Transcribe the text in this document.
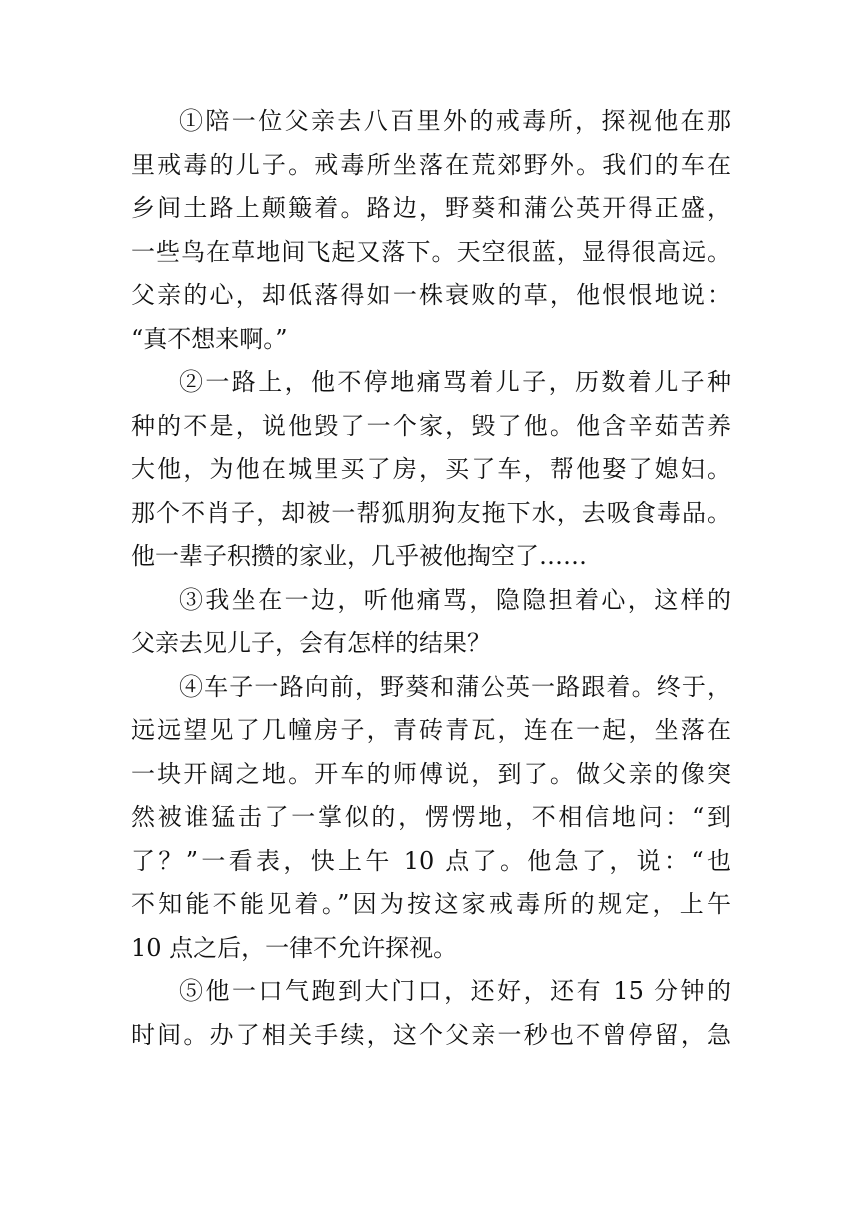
①陪一位父亲去八百里外的戒毒所，探视他在那
里戒毒的儿子。戒毒所坐落在荒郊野外。我们的车在
乡间土路上颠簸着。路边，野葵和蒲公英开得正盛，
一些鸟在草地间飞起又落下。天空很蓝，显得很高远。
父亲的心，却低落得如一株衰败的草，他恨恨地说：
“真不想来啊。”
②一路上，他不停地痛骂着儿子，历数着儿子种
种的不是，说他毁了一个家，毁了他。他含辛茹苦养
大他，为他在城里买了房，买了车，帮他娶了媳妇。
那个不肖子，却被一帮狐朋狗友拖下水，去吸食毒品。
他一辈子积攒的家业，几乎被他掏空了……
③我坐在一边，听他痛骂，隐隐担着心，这样的
父亲去见儿子，会有怎样的结果？
④车子一路向前，野葵和蒲公英一路跟着。终于，
远远望见了几幢房子，青砖青瓦，连在一起，坐落在
一块开阔之地。开车的师傅说，到了。做父亲的像突
然被谁猛击了一掌似的，愣愣地，不相信地问：“到
了？”一看表，快上午 10 点了。他急了，说：“也
不知能不能见着。”因为按这家戒毒所的规定，上午
10 点之后，一律不允许探视。
⑤他一口气跑到大门口，还好，还有 15 分钟的
时间。办了相关手续，这个父亲一秒也不曾停留，急
